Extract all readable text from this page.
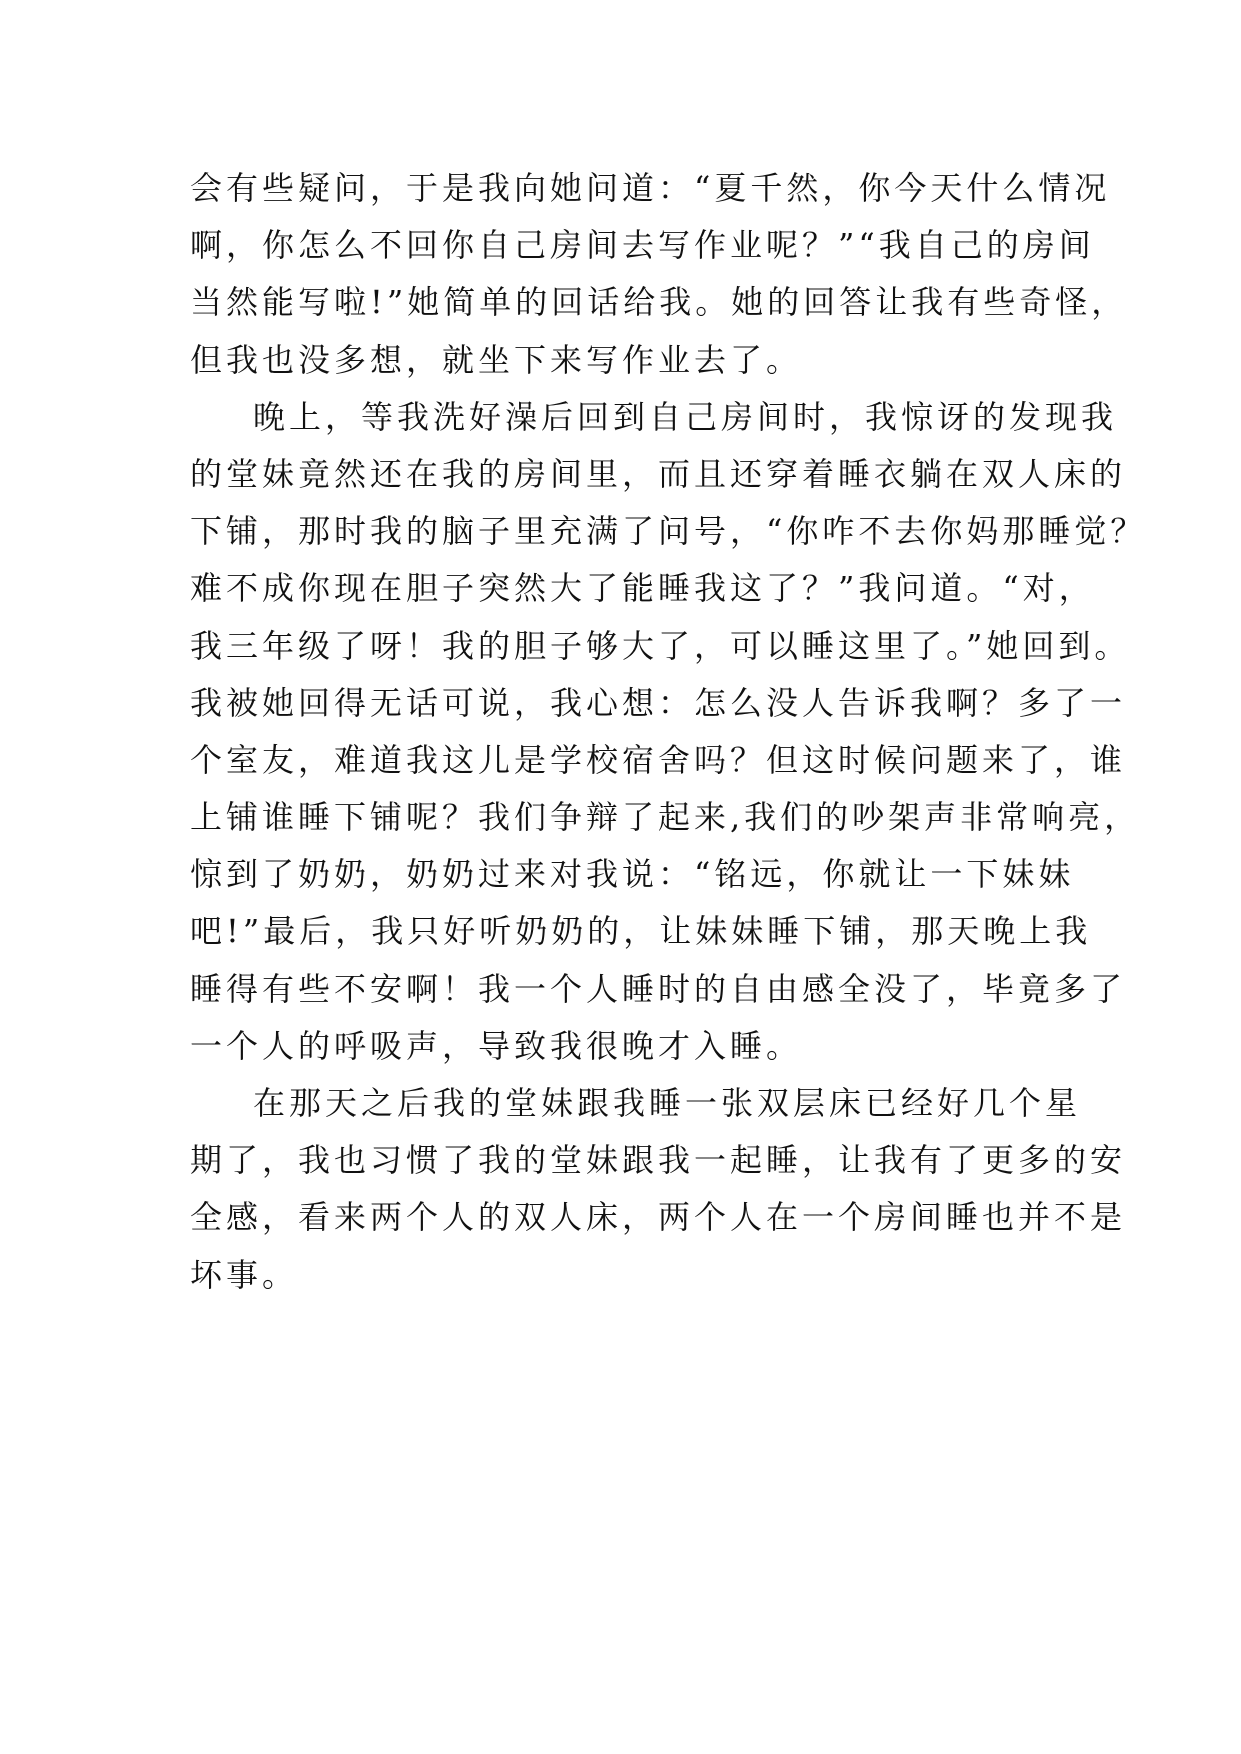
会有些疑问，于是我向她问道：“夏千然，你今天什么情况
啊，你怎么不回你自己房间去写作业呢？”“我自己的房间
当然能写啦!”她简单的回话给我。她的回答让我有些奇怪，
但我也没多想，就坐下来写作业去了。
晚上，等我洗好澡后回到自己房间时，我惊讶的发现我
的堂妹竟然还在我的房间里，而且还穿着睡衣躺在双人床的
下铺，那时我的脑子里充满了问号，“你咋不去你妈那睡觉？
难不成你现在胆子突然大了能睡我这了？”我问道。“对，
我三年级了呀！我的胆子够大了，可以睡这里了。”她回到。
我被她回得无话可说，我心想：怎么没人告诉我啊？多了一
个室友，难道我这儿是学校宿舍吗？但这时候问题来了，谁
上铺谁睡下铺呢？我们争辩了起来,我们的吵架声非常响亮，
惊到了奶奶，奶奶过来对我说：“铭远，你就让一下妹妹
吧!”最后，我只好听奶奶的，让妹妹睡下铺，那天晚上我
睡得有些不安啊！我一个人睡时的自由感全没了，毕竟多了
一个人的呼吸声，导致我很晚才入睡。
在那天之后我的堂妹跟我睡一张双层床已经好几个星
期了，我也习惯了我的堂妹跟我一起睡，让我有了更多的安
全感，看来两个人的双人床，两个人在一个房间睡也并不是
坏事。
